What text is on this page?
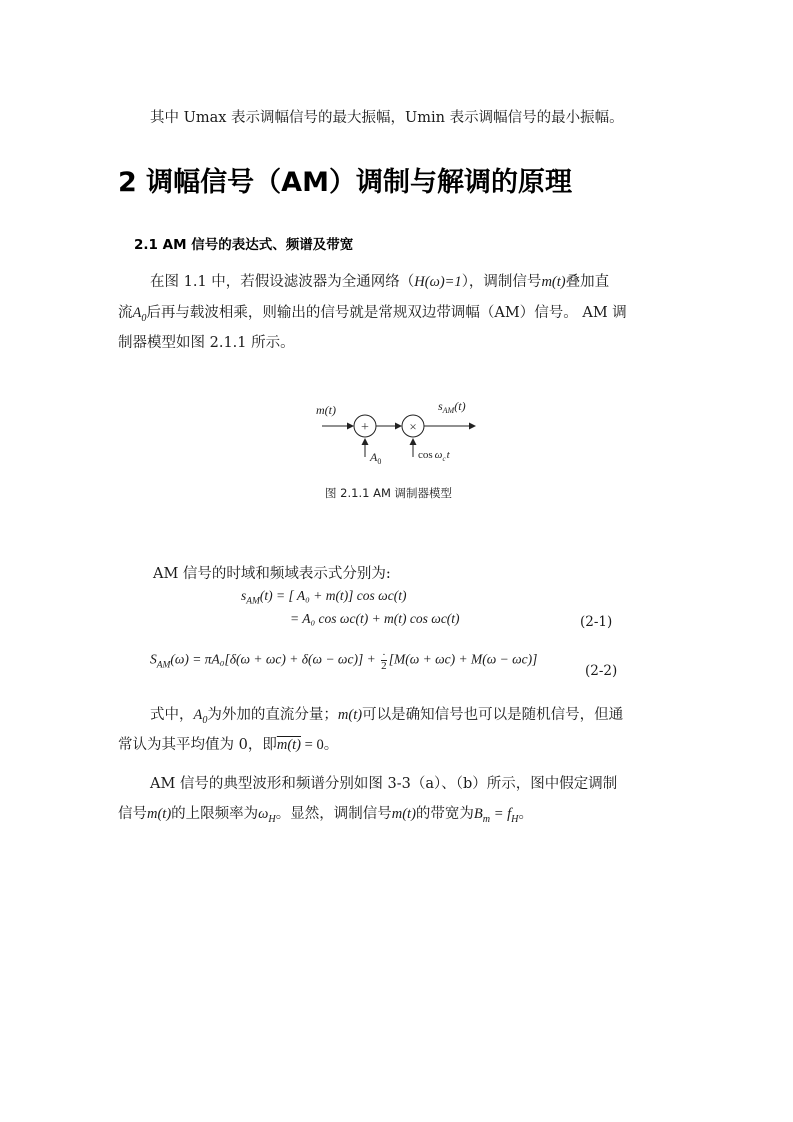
其中 Umax 表示调幅信号的最大振幅，Umin 表示调幅信号的最小振幅。
2 调幅信号（AM）调制与解调的原理
2.1 AM 信号的表达式、频谱及带宽
在图 1.1 中，若假设滤波器为全通网络（H(ω)=1），调制信号m(t)叠加直
流$A_0$后再与载波相乘，则输出的信号就是常规双边带调幅（AM）信号。 AM 调
制器模型如图 2.1.1 所示。
+	×
m(t)	$s_{AM}(t)$
$A_0$
$\cos \omega_ct$
图 2.1.1 AM 调制器模型
AM 信号的时域和频域表示式分别为:
$s_{AM}(t)$ = [ A₀ + m(t)] cos ωc(t)
= A₀ cos ωc(t) + m(t) cos ωc(t)	(2-1)
$S_{AM}(\omega) = \pi A_0[\delta(\omega + \omega c) + \delta(\omega - \omega c)]$ + ·
2 [M(ω + ωc) + M(ω − ωc)]
(2-2)
式中，$A_0$为外加的直流分量；m(t)可以是确知信号也可以是随机信号，但通
常认为其平均值为 0，即m(t) = 0。
AM 信号的典型波形和频谱分别如图 3-3（a）、（b）所示，图中假定调制
信号m(t)的上限频率为$\omega_H$。显然，调制信号m(t)的带宽为$B_m = f_H$。
